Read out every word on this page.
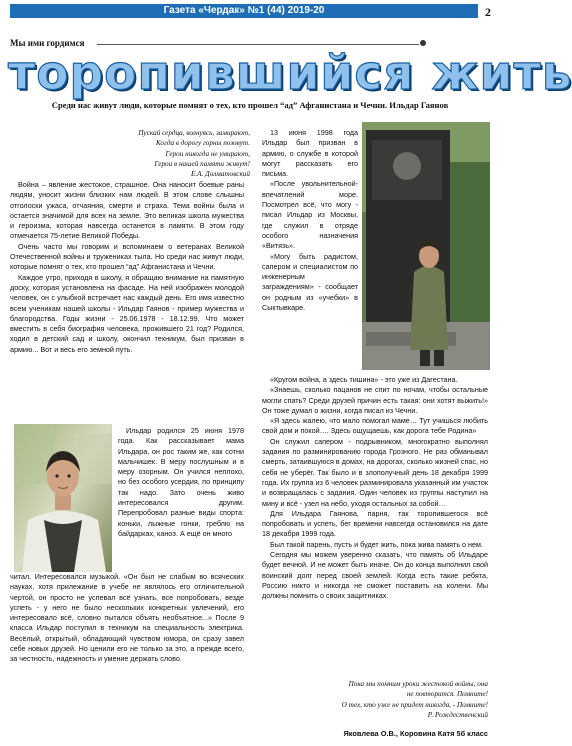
Газета «Чердак» №1 (44) 2019-20	2
Мы ими гордимся
торопившийся жить
Среди нас живут люди, которые помнят о тех, кто прошел “ад” Афганистана и Чечни. Ильдар Гаянов
Пускай сердца, волнуясь, замирают,
Когда в дорогу горны позовут.
Герои никогда не умирают,
Герои в нашей памяти живут!
Е.А. Долматовский

Война – явление жестокое, страшное. Она наносит боевые раны людям, уносит жизни близких нам людей. В этом слове слышны отголоски ужаса, отчаяния, смерти и страха. Тема войны была и остается значимой для всех на земле. Это великая школа мужества и героизма, которая навсегда останется в памяти. В этом году отмечается 75-летие Великой Победы.

Очень часто мы говорим и вспоминаем о ветеранах Великой Отечественной войны и тружениках тыла. Но среди нас живут люди, которые помнят о тех, кто прошел “ад” Афганистана и Чечни.

Каждое утро, приходя в школу, я обращаю внимание на памятную доску, которая установлена на фасаде. На ней изображен молодой человек, он с улыбкой встречает нас каждый день. Его имя известно всем ученикам нашей школы - Ильдар Гаянов - пример мужества и благородства. Годы жизни - 25.06.1978 - 18.12.99. Что может вместить в себя биография человека, прожившего 21 год? Родился, ходил в детский сад и школу, окончил техникум, был призван в армию... Вот и весь его земной путь.

Ильдар родился 25 июня 1978 года. Как рассказывает мама Ильдара, он рос таким же, как сотни мальчишек. В меру послушным и в меру озорным. Он учился неплохо, но без особого усердия, по принципу так надо. Зато очень живо интересовался другим. Перепробовал разные виды спорта: коньки, лыжные гонки, греблю на байдарках, каноэ. А ещё он много

читал. Интересовался музыкой. «Он был не слабым во всяческих науках, хотя прилежание в учебе не являлось его отличительной чертой, он просто не успевал всё узнать, все попробовать, везде успеть - у него не было нескольких конкретных увлечений, его интересовало всё, словно пытался объять необъятное...» После 9 класса Ильдар поступил в техникум на специальность электрика. Весёлый, открытый, обладающий чувством юмора, он сразу завел себе новых друзей. Но ценили его не только за это, а прежде всего, за честность, надежность и умение держать слово.

13 июня 1998 года Ильдар был призван в армию, о службе в которой могут рассказать его письма.

«После увольнительной- впечатлений море. Посмотрел всё, что могу - писал Ильдар из Москвы, где служил в отряде особого назначения «Витязь».

«Могу быть радистом, сапером и специалистом по инженерным заграждениям» - сообщает он родным из «учебки» в Сыктывкаре.

«Кругом война, а здесь тишина» - это уже из Дагестана.

«Знаешь, сколько пацанов не спит по ночам, чтобы остальные могли спать? Среди друзей причин есть такая: они хотят выжить!» Он тоже думал о жизни, когда писал из Чечни.

«Я здесь жалею, что мало помогал маме… Тут учишься любить свой дом и покой…. Здесь ощущаешь, как дорога тебе Родина»

Он служил сапером - подрывником, многократно выполнял задания по разминированию города Грозного. Не раз обманывал смерть, затаившуюся в домах, на дорогах, сколько жизней спас, но себя не уберёг. Так было и в злополучный день 18 декабря 1999 года. Их группа из 6 человек разминировала указанный им участок и возвращалась с задания. Один человек из группы наступил на мину и всё - узел на небо, уходя остальных за собой…

Для Ильдара Гаянова, парня, так торопившегося всё попробовать и успеть, бег времени навсегда остановился на дате 18 декабря 1999 года.

Был такой парень, пусть и будет жить, пока жива память о нем.

Сегодня мы можем уверенно сказать, что память об Ильдаре будет вечной. И не может быть иначе. Он до конца выполнил свой воинский долг перед своей землей. Когда есть такие ребята, Россию никто и никогда не сможет поставить на колени. Мы должны помнить о своих защитниках.

Пока мы помним уроки жестокой войны, она
не повторится. Помните!
О тех, кто уже не придет никогда, - Помните!
Р. Рождественский
Яковлева О.В., Коровина Катя 5б класс
